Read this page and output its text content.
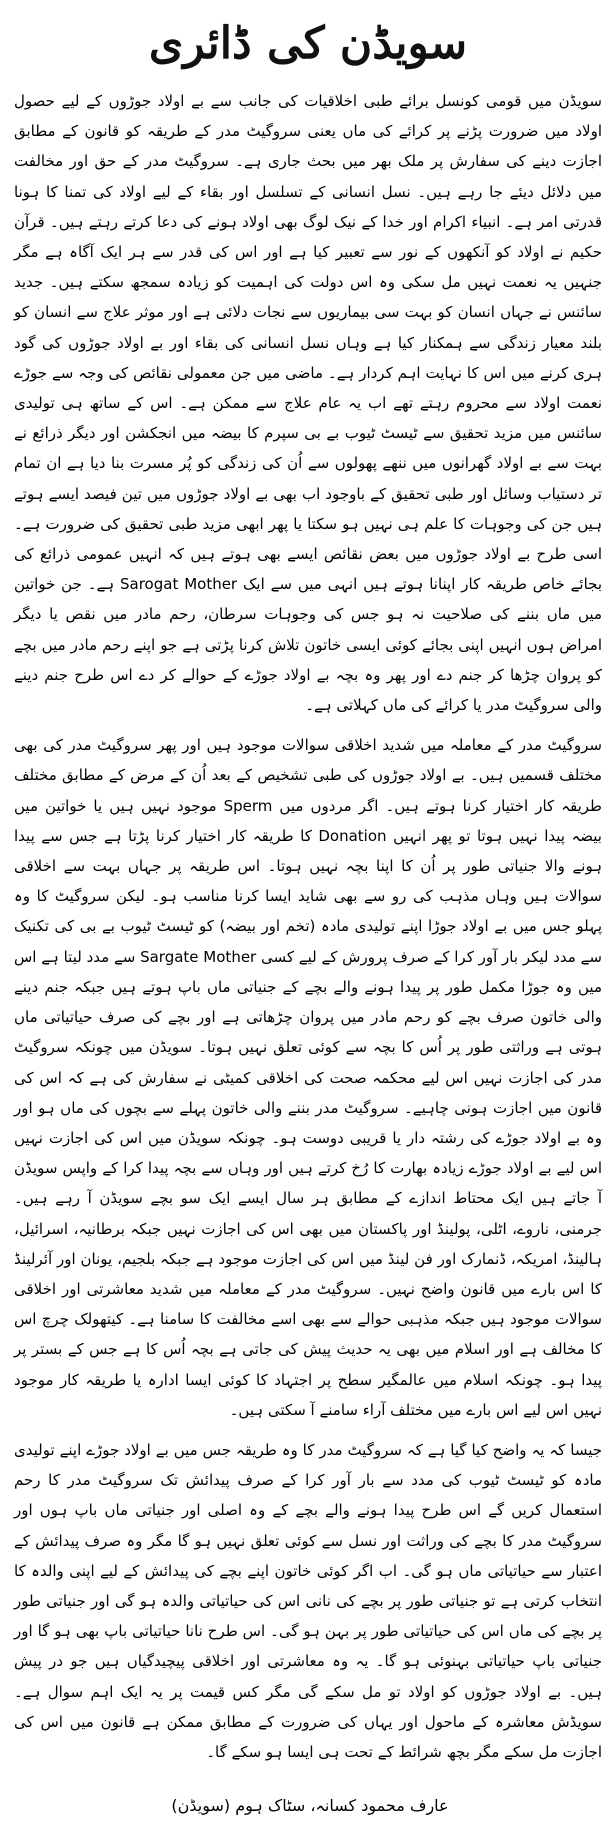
سویڈن کی ڈائری

سویڈن میں قومی کونسل برائے طبی اخلاقیات کی جانب سے بے اولاد جوڑوں کے لیے حصول اولاد میں ضرورت پڑنے پر کرائے کی ماں یعنی سروگیٹ مدر کے طریقہ کو قانون کے مطابق اجازت دینے کی سفارش پر ملک بھر میں بحث جاری ہے۔ سروگیٹ مدر کے حق اور مخالفت میں دلائل دیئے جا رہے ہیں۔ نسل انسانی کے تسلسل اور بقاء کے لیے اولاد کی تمنا کا ہونا قدرتی امر ہے۔ انبیاء اکرام اور خدا کے نیک لوگ بھی اولاد ہونے کی دعا کرتے رہتے ہیں۔ قرآن حکیم نے اولاد کو آنکھوں کے نور سے تعبیر کیا ہے اور اس کی قدر سے ہر ایک آگاہ ہے مگر جنہیں یہ نعمت نہیں مل سکی وہ اس دولت کی اہمیت کو زیادہ سمجھ سکتے ہیں۔ جدید سائنس نے جہاں انسان کو بہت سی بیماریوں سے نجات دلائی ہے اور موثر علاج سے انسان کو بلند معیار زندگی سے ہمکنار کیا ہے وہاں نسل انسانی کی بقاء اور بے اولاد جوڑوں کی گود ہری کرنے میں اس کا نہایت اہم کردار ہے۔ ماضی میں جن معمولی نقائص کی وجہ سے جوڑے نعمت اولاد سے محروم رہتے تھے اب یہ عام علاج سے ممکن ہے۔ اس کے ساتھ ہی تولیدی سائنس میں مزید تحقیق سے ٹیسٹ ٹیوب بے بی سپرم کا بیضہ میں انجکشن اور دیگر ذرائع نے بہت سے بے اولاد گھرانوں میں ننھے پھولوں سے اُن کی زندگی کو پُر مسرت بنا دیا ہے ان تمام تر دستیاب وسائل اور طبی تحقیق کے باوجود اب بھی بے اولاد جوڑوں میں تین فیصد ایسے ہوتے ہیں جن کی وجوہات کا علم ہی نہیں ہو سکتا یا پھر ابھی مزید طبی تحقیق کی ضرورت ہے۔ اسی طرح بے اولاد جوڑوں میں بعض نقائص ایسے بھی ہوتے ہیں کہ انہیں عمومی ذرائع کی بجائے خاص طریقہ کار اپنانا ہوتے ہیں انہی میں سے ایک Sarogat Mother ہے۔ جن خواتین میں ماں بننے کی صلاحیت نہ ہو جس کی وجوہات سرطان، رحم مادر میں نقص یا دیگر امراض ہوں انہیں اپنی بجائے کوئی ایسی خاتون تلاش کرنا پڑتی ہے جو اپنے رحم مادر میں بچے کو پروان چڑھا کر جنم دے اور پھر وہ بچہ بے اولاد جوڑے کے حوالے کر دے اس طرح جنم دینے والی سروگیٹ مدر یا کرائے کی ماں کہلاتی ہے۔

سروگیٹ مدر کے معاملہ میں شدید اخلاقی سوالات موجود ہیں اور پھر سروگیٹ مدر کی بھی مختلف قسمیں ہیں۔ بے اولاد جوڑوں کی طبی تشخیص کے بعد اُن کے مرض کے مطابق مختلف طریقہ کار اختیار کرنا ہوتے ہیں۔ اگر مردوں میں Sperm موجود نہیں ہیں یا خواتین میں بیضہ پیدا نہیں ہوتا تو پھر انہیں Donation کا طریقہ کار اختیار کرنا پڑتا ہے جس سے پیدا ہونے والا جنیاتی طور پر اُن کا اپنا بچہ نہیں ہوتا۔ اس طریقہ پر جہاں بہت سے اخلاقی سوالات ہیں وہاں مذہب کی رو سے بھی شاید ایسا کرنا مناسب ہو۔ لیکن سروگیٹ کا وہ پہلو جس میں بے اولاد جوڑا اپنے تولیدی مادہ (تخم اور بیضہ) کو ٹیسٹ ٹیوب بے بی کی تکنیک سے مدد لیکر بار آور کرا کے صرف پرورش کے لیے کسی Sargate Mother سے مدد لیتا ہے اس میں وہ جوڑا مکمل طور پر پیدا ہونے والے بچے کے جنیاتی ماں باپ ہوتے ہیں جبکہ جنم دینے والی خاتون صرف بچے کو رحم مادر میں پروان چڑھاتی ہے اور بچے کی صرف حیاتیاتی ماں ہوتی ہے وراثتی طور پر اُس کا بچہ سے کوئی تعلق نہیں ہوتا۔ سویڈن میں چونکہ سروگیٹ مدر کی اجازت نہیں اس لیے محکمہ صحت کی اخلاقی کمیٹی نے سفارش کی ہے کہ اس کی قانون میں اجازت ہونی چاہیے۔ سروگیٹ مدر بننے والی خاتون پہلے سے بچوں کی ماں ہو اور وہ بے اولاد جوڑے کی رشتہ دار یا قریبی دوست ہو۔ چونکہ سویڈن میں اس کی اجازت نہیں اس لیے بے اولاد جوڑے زیادہ بھارت کا رُخ کرتے ہیں اور وہاں سے بچہ پیدا کرا کے واپس سویڈن آ جاتے ہیں ایک محتاط اندازے کے مطابق ہر سال ایسے ایک سو بچے سویڈن آ رہے ہیں۔ جرمنی، ناروے، اٹلی، پولینڈ اور پاکستان میں بھی اس کی اجازت نہیں جبکہ برطانیہ، اسرائیل، ہالینڈ، امریکہ، ڈنمارک اور فن لینڈ میں اس کی اجازت موجود ہے جبکہ بلجیم، یونان اور آئرلینڈ کا اس بارے میں قانون واضح نہیں۔ سروگیٹ مدر کے معاملہ میں شدید معاشرتی اور اخلاقی سوالات موجود ہیں جبکہ مذہبی حوالے سے بھی اسے مخالفت کا سامنا ہے۔ کیتھولک چرچ اس کا مخالف ہے اور اسلام میں بھی یہ حدیث پیش کی جاتی ہے بچہ اُس کا ہے جس کے بستر پر پیدا ہو۔ چونکہ اسلام میں عالمگیر سطح پر اجتہاد کا کوئی ایسا ادارہ یا طریقہ کار موجود نہیں اس لیے اس بارے میں مختلف آراء سامنے آ سکتی ہیں۔

جیسا کہ یہ واضح کیا گیا ہے کہ سروگیٹ مدر کا وہ طریقہ جس میں بے اولاد جوڑے اپنے تولیدی مادہ کو ٹیسٹ ٹیوب کی مدد سے بار آور کرا کے صرف پیدائش تک سروگیٹ مدر کا رحم استعمال کریں گے اس طرح پیدا ہونے والے بچے کے وہ اصلی اور جنیاتی ماں باپ ہوں اور سروگیٹ مدر کا بچے کی وراثت اور نسل سے کوئی تعلق نہیں ہو گا مگر وہ صرف پیدائش کے اعتبار سے حیاتیاتی ماں ہو گی۔ اب اگر کوئی خاتون اپنے بچے کی پیدائش کے لیے اپنی والدہ کا انتخاب کرتی ہے تو جنیاتی طور پر بچے کی نانی اس کی حیاتیاتی والدہ ہو گی اور جنیاتی طور پر بچے کی ماں اس کی حیاتیاتی طور پر بہن ہو گی۔ اس طرح نانا حیاتیاتی باپ بھی ہو گا اور جنیاتی باپ حیاتیاتی بہنوئی ہو گا۔ یہ وہ معاشرتی اور اخلاقی پیچیدگیاں ہیں جو در پیش ہیں۔ بے اولاد جوڑوں کو اولاد تو مل سکے گی مگر کس قیمت پر یہ ایک اہم سوال ہے۔ سویڈش معاشرہ کے ماحول اور یہاں کی ضرورت کے مطابق ممکن ہے قانون میں اس کی اجازت مل سکے مگر بچھ شرائط کے تحت ہی ایسا ہو سکے گا۔

عارف محمود کسانہ، سٹاک ہوم (سویڈن)
